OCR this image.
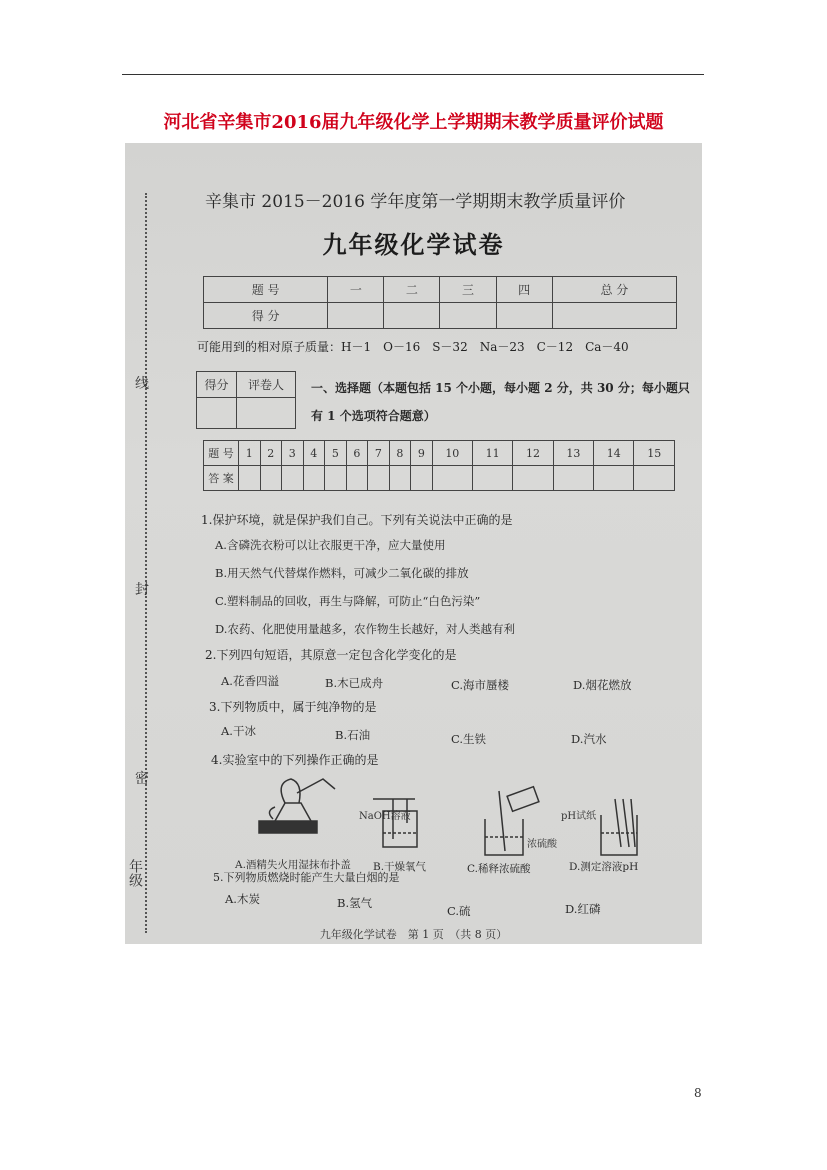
河北省辛集市2016届九年级化学上学期期末教学质量评价试题
线
封
密
年级
辛集市 2015－2016 学年度第一学期期末教学质量评价
九年级化学试卷
题 号	一	二	三	四	总 分
得 分					
可能用到的相对原子质量：H－1　O－16　S－32　Na－23　C－12　Ca－40
得分	评卷人
	一、选择题（本题包括 15 个小题，每小题 2 分，共 30 分；每小题只有 1 个选项符合题意）
题 号	1	2	3	4	5	6	7	8	9	10	11	12	13	14	15
答 案															
1.保护环境，就是保护我们自己。下列有关说法中正确的是
A.含磷洗衣粉可以让衣服更干净，应大量使用
B.用天然气代替煤作燃料，可减少二氧化碳的排放
C.塑料制品的回收，再生与降解，可防止“白色污染”
D.农药、化肥使用量越多，农作物生长越好，对人类越有利
2.下列四句短语，其原意一定包含化学变化的是
A.花香四溢	B.木已成舟	C.海市蜃楼	D.烟花燃放
3.下列物质中，属于纯净物的是
A.干冰	B.石油	C.生铁	D.汽水
4.实验室中的下列操作正确的是
NaOH溶液
浓硫酸
pH试纸
A.酒精失火用湿抹布扑盖 B.干燥氧气	C.稀释浓硫酸	D.测定溶液pH
5.下列物质燃烧时能产生大量白烟的是
A.木炭	B.氢气
C.硫	D.红磷
九年级化学试卷　第 1 页　（共 8 页）
8
